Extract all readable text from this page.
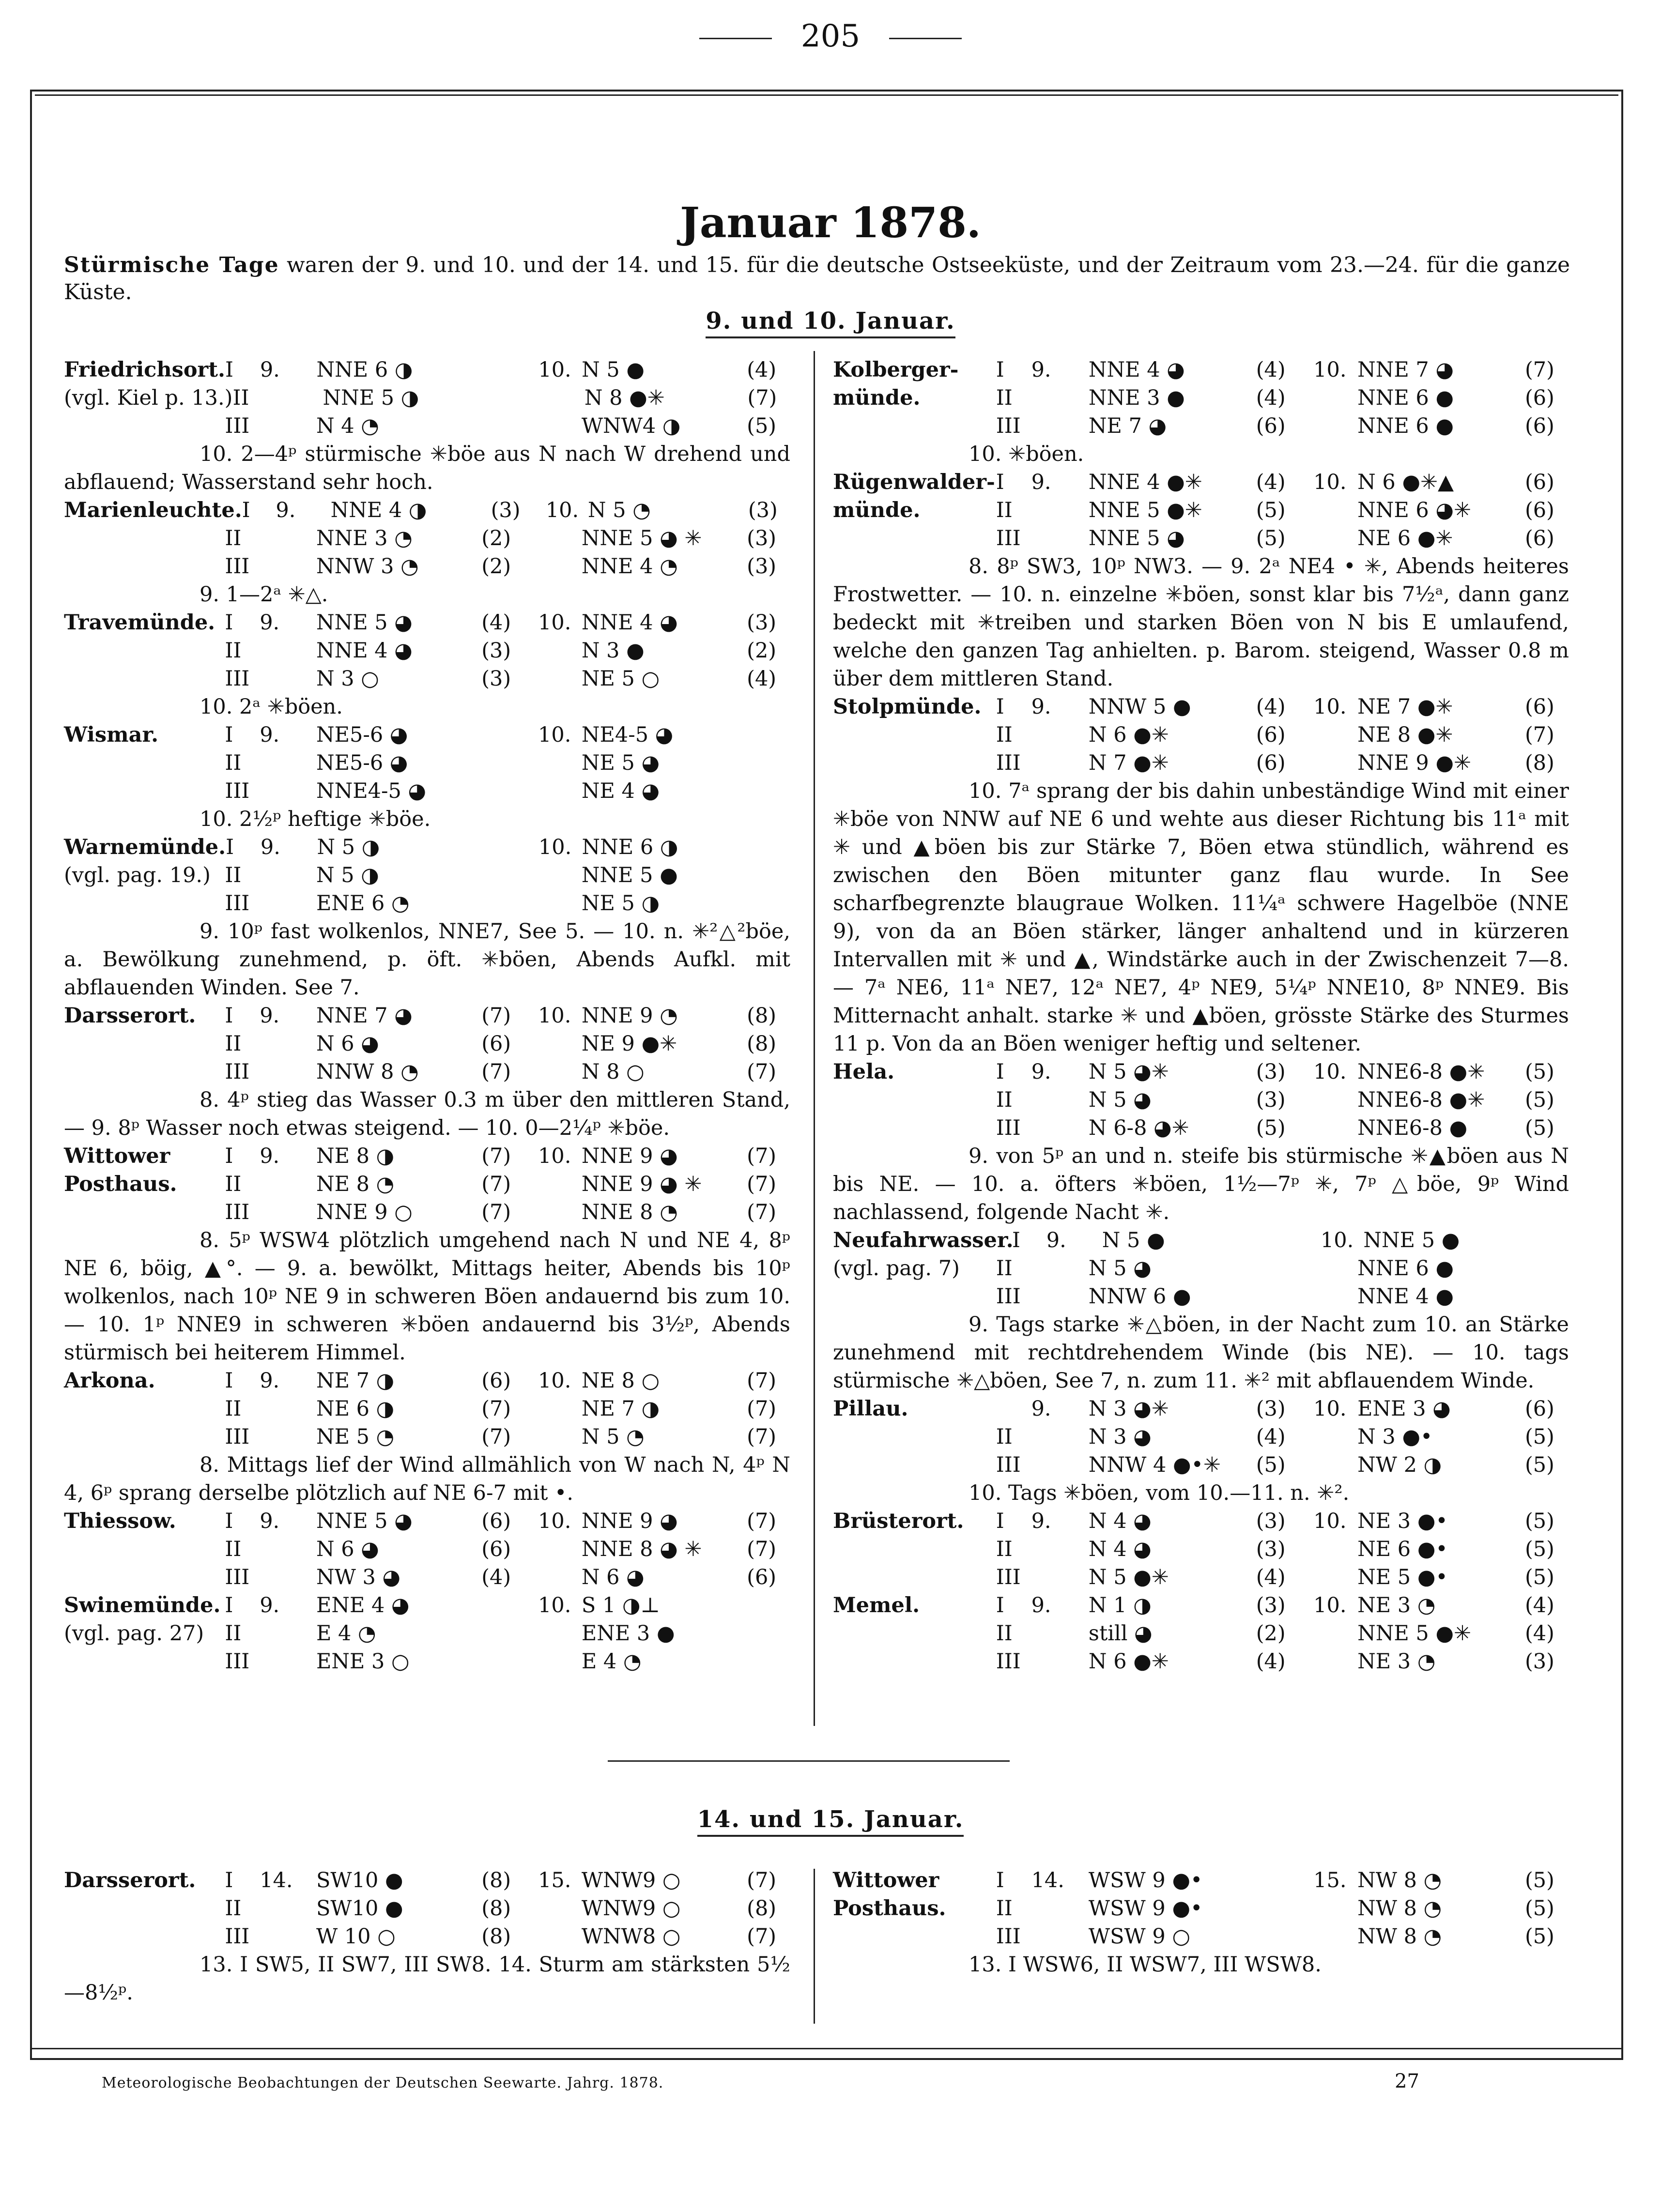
205
Januar 1878.
Stürmische Tage waren der 9. und 10. und der 14. und 15. für die deutsche Ostseeküste, und der Zeitraum vom 23.—24. für die ganze Küste.
9. und 10. Januar.
Friedrichsort. I	9.	NNE 6 ◑	10. N 5 ●	(4)
(vgl. Kiel p. 13.) II	NNE 5 ◑	N 8 ●✳	(7)
III	N 4 ◔	WNW4 ◑	(5)
10. 2—4ᵖ stürmische ✳böe aus N nach W drehend und abflauend; Wasserstand sehr hoch.
Marienleuchte. I	9.	NNE 4 ◑	(3)	10. N 5 ◔	(3)
II	NNE 3 ◔	(2)	NNE 5 ◕ ✳	(3)
III	NNW 3 ◔	(2)	NNE 4 ◔	(3)
9. 1—2ᵃ ✳△.
Travemünde. I	9.	NNE 5 ◕	(4)	10. NNE 4 ◕	(3)
II	NNE 4 ◕	(3)	N 3 ●	(2)
III	N 3 ○	(3)	NE 5 ○	(4)
10. 2ᵃ ✳böen.
Wismar.	I	9.	NE5-6 ◕	10. NE4-5 ◕
II	NE5-6 ◕	NE 5 ◕
III	NNE4-5 ◕	NE 4 ◕
10. 2½ᵖ heftige ✳böe.
Warnemünde. I	9.	N 5 ◑	10. NNE 6 ◑
(vgl. pag. 19.) II	N 5 ◑	NNE 5 ●
III	ENE 6 ◔	NE 5 ◑
9. 10ᵖ fast wolkenlos, NNE7, See 5. — 10. n. ✳²△²böe, a. Bewölkung zunehmend, p. öft. ✳böen, Abends Aufkl. mit abflauenden Winden. See 7.
Darsserort.	I	9.	NNE 7 ◕	(7)	10. NNE 9 ◔	(8)
II	N 6 ◕	(6)	NE 9 ●✳	(8)
III	NNW 8 ◔	(7)	N 8 ○	(7)
8. 4ᵖ stieg das Wasser 0.3 m über den mittleren Stand, — 9. 8ᵖ Wasser noch etwas steigend. — 10. 0—2¼ᵖ ✳böe.
Wittower	I	9.	NE 8 ◑	(7)	10. NNE 9 ◕	(7)
Posthaus.	II	NE 8 ◔	(7)	NNE 9 ◕ ✳	(7)
III	NNE 9 ○	(7)	NNE 8 ◔	(7)
8. 5ᵖ WSW4 plötzlich umgehend nach N und NE 4, 8ᵖ NE 6, böig, ▲°. — 9. a. bewölkt, Mittags heiter, Abends bis 10ᵖ wolkenlos, nach 10ᵖ NE 9 in schweren Böen andauernd bis zum 10. — 10. 1ᵖ NNE9 in schweren ✳böen andauernd bis 3½ᵖ, Abends stürmisch bei heiterem Himmel.
Arkona.	I	9.	NE 7 ◑	(6)	10. NE 8 ○	(7)
II	NE 6 ◑	(7)	NE 7 ◑	(7)
III	NE 5 ◔	(7)	N 5 ◔	(7)
8. Mittags lief der Wind allmählich von W nach N, 4ᵖ N 4, 6ᵖ sprang derselbe plötzlich auf NE 6-7 mit •.
Thiessow.	I	9.	NNE 5 ◕	(6)	10. NNE 9 ◕	(7)
II	N 6 ◕	(6)	NNE 8 ◕ ✳	(7)
III	NW 3 ◕	(4)	N 6 ◕	(6)
Swinemünde. I	9.	ENE 4 ◕	10. S 1 ◑⊥
(vgl. pag. 27)	II	E 4 ◔	ENE 3 ●
III	ENE 3 ○	E 4 ◔
Kolberger-	I	9.	NNE 4 ◕	(4)	10. NNE 7 ◕	(7)
münde.	II	NNE 3 ●	(4)	NNE 6 ●	(6)
III	NE 7 ◕	(6)	NNE 6 ●	(6)
10. ✳böen.
Rügenwalder- I	9.	NNE 4 ●✳	(4)	10. N 6 ●✳▲	(6)
münde.	II	NNE 5 ●✳	(5)	NNE 6 ◕✳	(6)
III	NNE 5 ◕	(5)	NE 6 ●✳	(6)
8. 8ᵖ SW3, 10ᵖ NW3. — 9. 2ᵃ NE4 • ✳, Abends heiteres Frostwetter. — 10. n. einzelne ✳böen, sonst klar bis 7½ᵃ, dann ganz bedeckt mit ✳treiben und starken Böen von N bis E umlaufend, welche den ganzen Tag anhielten. p. Barom. steigend, Wasser 0.8 m über dem mittleren Stand.
Stolpmünde. I	9.	NNW 5 ●	(4)	10. NE 7 ●✳	(6)
II	N 6 ●✳	(6)	NE 8 ●✳	(7)
III	N 7 ●✳	(6)	NNE 9 ●✳	(8)
10. 7ᵃ sprang der bis dahin unbeständige Wind mit einer ✳böe von NNW auf NE 6 und wehte aus dieser Richtung bis 11ᵃ mit ✳ und ▲böen bis zur Stärke 7, Böen etwa stündlich, während es zwischen den Böen mitunter ganz flau wurde. In See scharfbegrenzte blaugraue Wolken. 11¼ᵃ schwere Hagelböe (NNE 9), von da an Böen stärker, länger anhaltend und in kürzeren Intervallen mit ✳ und ▲, Windstärke auch in der Zwischenzeit 7—8. — 7ᵃ NE6, 11ᵃ NE7, 12ᵃ NE7, 4ᵖ NE9, 5¼ᵖ NNE10, 8ᵖ NNE9. Bis Mitternacht anhalt. starke ✳ und ▲böen, grösste Stärke des Sturmes 11 p. Von da an Böen weniger heftig und seltener.
Hela.	I	9.	N 5 ◕✳	(3)	10. NNE6-8 ●✳	(5)
II	N 5 ◕	(3)	NNE6-8 ●✳	(5)
III	N 6-8 ◕✳	(5)	NNE6-8 ●	(5)
9. von 5ᵖ an und n. steife bis stürmische ✳▲böen aus N bis NE. — 10. a. öfters ✳böen, 1½—7ᵖ ✳, 7ᵖ △böe, 9ᵖ Wind nachlassend, folgende Nacht ✳.
Neufahrwasser.
I	9.	N 5 ●	10. NNE 5 ●
(vgl. pag. 7)	II	N 5 ◕	NNE 6 ●
III	NNW 6 ●	NNE 4 ●
9. Tags starke ✳△böen, in der Nacht zum 10. an Stärke zunehmend mit rechtdrehendem Winde (bis NE). — 10. tags stürmische ✳△böen, See 7, n. zum 11. ✳² mit abflauendem Winde.
Pillau.	9.	N 3 ◕✳	(3)	10. ENE 3 ◕	(6)
II	N 3 ◕	(4)	N 3 ●•	(5)
III	NNW 4 ●•✳	(5)	NW 2 ◑	(5)
10. Tags ✳böen, vom 10.—11. n. ✳².
Brüsterort.	I	9.	N 4 ◕	(3)	10. NE 3 ●•	(5)
II	N 4 ◕	(3)	NE 6 ●•	(5)
III	N 5 ●✳	(4)	NE 5 ●•	(5)
Memel.	I	9.	N 1 ◑	(3)	10. NE 3 ◔	(4)
II	still ◕	(2)	NNE 5 ●✳	(4)
III	N 6 ●✳	(4)	NE 3 ◔	(3)
14. und 15. Januar.
Darsserort.	I	14.	SW10 ●	(8)	15. WNW9 ○	(7)
II	SW10 ●	(8)	WNW9 ○	(8)
III	W 10 ○	(8)	WNW8 ○	(7)
13. I SW5, II SW7, III SW8. 14. Sturm am stärksten 5½—8½ᵖ.
Wittower	I	14.	WSW 9 ●•	15. NW 8 ◔	(5)
Posthaus.	II	WSW 9 ●•	NW 8 ◔	(5)
III	WSW 9 ○	NW 8 ◔	(5)
13. I WSW6, II WSW7, III WSW8.
Meteorologische Beobachtungen der Deutschen Seewarte. Jahrg. 1878.	27
